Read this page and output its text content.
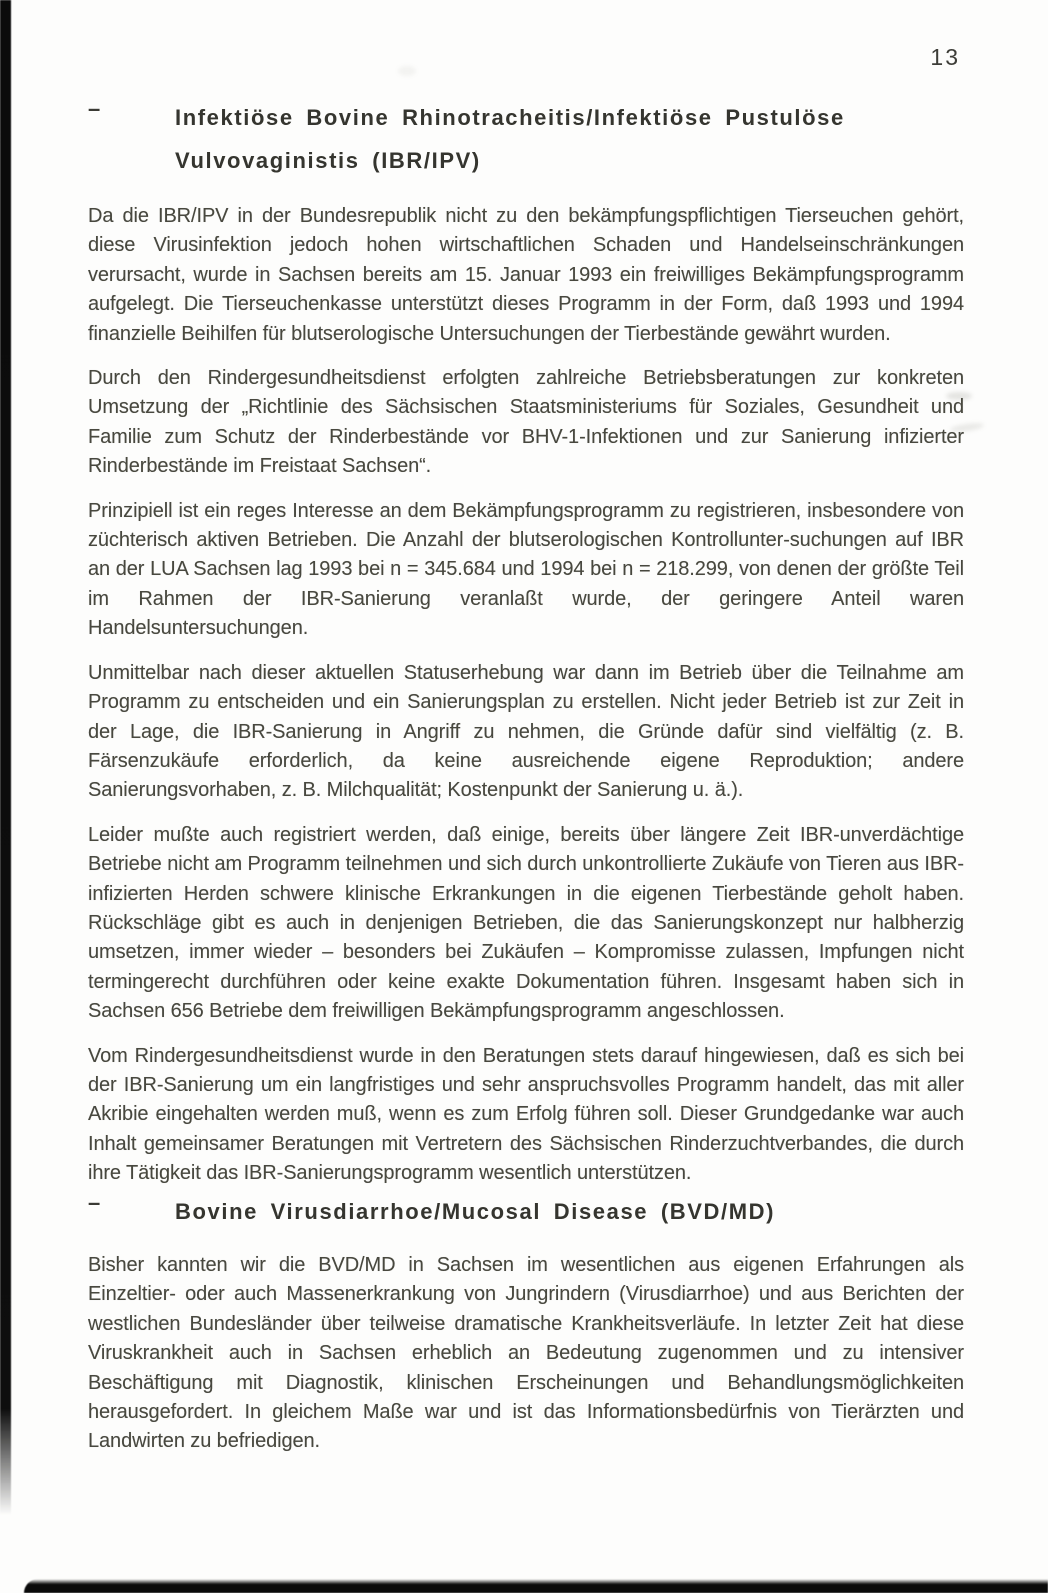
13
–	Infektiöse Bovine Rhinotracheitis/Infektiöse Pustulöse
Vulvovaginistis (IBR/IPV)

Da die IBR/IPV in der Bundesrepublik nicht zu den bekämpfungspflichtigen Tierseuchen gehört, diese Virusinfektion jedoch hohen wirtschaftlichen Schaden und Handelseinschränkungen verursacht, wurde in Sachsen bereits am 15. Januar 1993 ein freiwilliges Bekämpfungsprogramm aufgelegt. Die Tierseuchenkasse unterstützt dieses Programm in der Form, daß 1993 und 1994 finanzielle Beihilfen für blutserologische Untersuchungen der Tierbestände gewährt wurden.

Durch den Rindergesundheitsdienst erfolgten zahlreiche Betriebsberatungen zur konkreten Umsetzung der „Richtlinie des Sächsischen Staatsministeriums für Soziales, Gesundheit und Familie zum Schutz der Rinderbestände vor BHV-1-Infektionen und zur Sanierung infizierter Rinderbestände im Freistaat Sachsen“.

Prinzipiell ist ein reges Interesse an dem Bekämpfungsprogramm zu registrieren, insbesondere von züchterisch aktiven Betrieben. Die Anzahl der blutserologischen Kontrollunter-suchungen auf IBR an der LUA Sachsen lag 1993 bei n = 345.684 und 1994 bei n = 218.299, von denen der größte Teil im Rahmen der IBR-Sanierung veranlaßt wurde, der geringere Anteil waren Handelsuntersuchungen.

Unmittelbar nach dieser aktuellen Statuserhebung war dann im Betrieb über die Teilnahme am Programm zu entscheiden und ein Sanierungsplan zu erstellen. Nicht jeder Betrieb ist zur Zeit in der Lage, die IBR-Sanierung in Angriff zu nehmen, die Gründe dafür sind vielfältig (z. B. Färsenzukäufe erforderlich, da keine ausreichende eigene Reproduktion; andere Sanierungsvorhaben, z. B. Milchqualität; Kostenpunkt der Sanierung u. ä.).

Leider mußte auch registriert werden, daß einige, bereits über längere Zeit IBR-unverdächtige Betriebe nicht am Programm teilnehmen und sich durch unkontrollierte Zukäufe von Tieren aus IBR-infizierten Herden schwere klinische Erkrankungen in die eigenen Tierbestände geholt haben. Rückschläge gibt es auch in denjenigen Betrieben, die das Sanierungskonzept nur halbherzig umsetzen, immer wieder – besonders bei Zukäufen – Kompromisse zulassen, Impfungen nicht termingerecht durchführen oder keine exakte Dokumentation führen. Insgesamt haben sich in Sachsen 656 Betriebe dem freiwilligen Bekämpfungsprogramm angeschlossen.

Vom Rindergesundheitsdienst wurde in den Beratungen stets darauf hingewiesen, daß es sich bei der IBR-Sanierung um ein langfristiges und sehr anspruchsvolles Programm handelt, das mit aller Akribie eingehalten werden muß, wenn es zum Erfolg führen soll. Dieser Grundgedanke war auch Inhalt gemeinsamer Beratungen mit Vertretern des Sächsischen Rinderzuchtverbandes, die durch ihre Tätigkeit das IBR-Sanierungsprogramm wesentlich unterstützen.

–	Bovine Virusdiarrhoe/Mucosal Disease (BVD/MD)

Bisher kannten wir die BVD/MD in Sachsen im wesentlichen aus eigenen Erfahrungen als Einzeltier- oder auch Massenerkrankung von Jungrindern (Virusdiarrhoe) und aus Berichten der westlichen Bundesländer über teilweise dramatische Krankheitsverläufe. In letzter Zeit hat diese Viruskrankheit auch in Sachsen erheblich an Bedeutung zugenommen und zu intensiver Beschäftigung mit Diagnostik, klinischen Erscheinungen und Behandlungsmöglichkeiten herausgefordert. In gleichem Maße war und ist das Informationsbedürfnis von Tierärzten und Landwirten zu befriedigen.
